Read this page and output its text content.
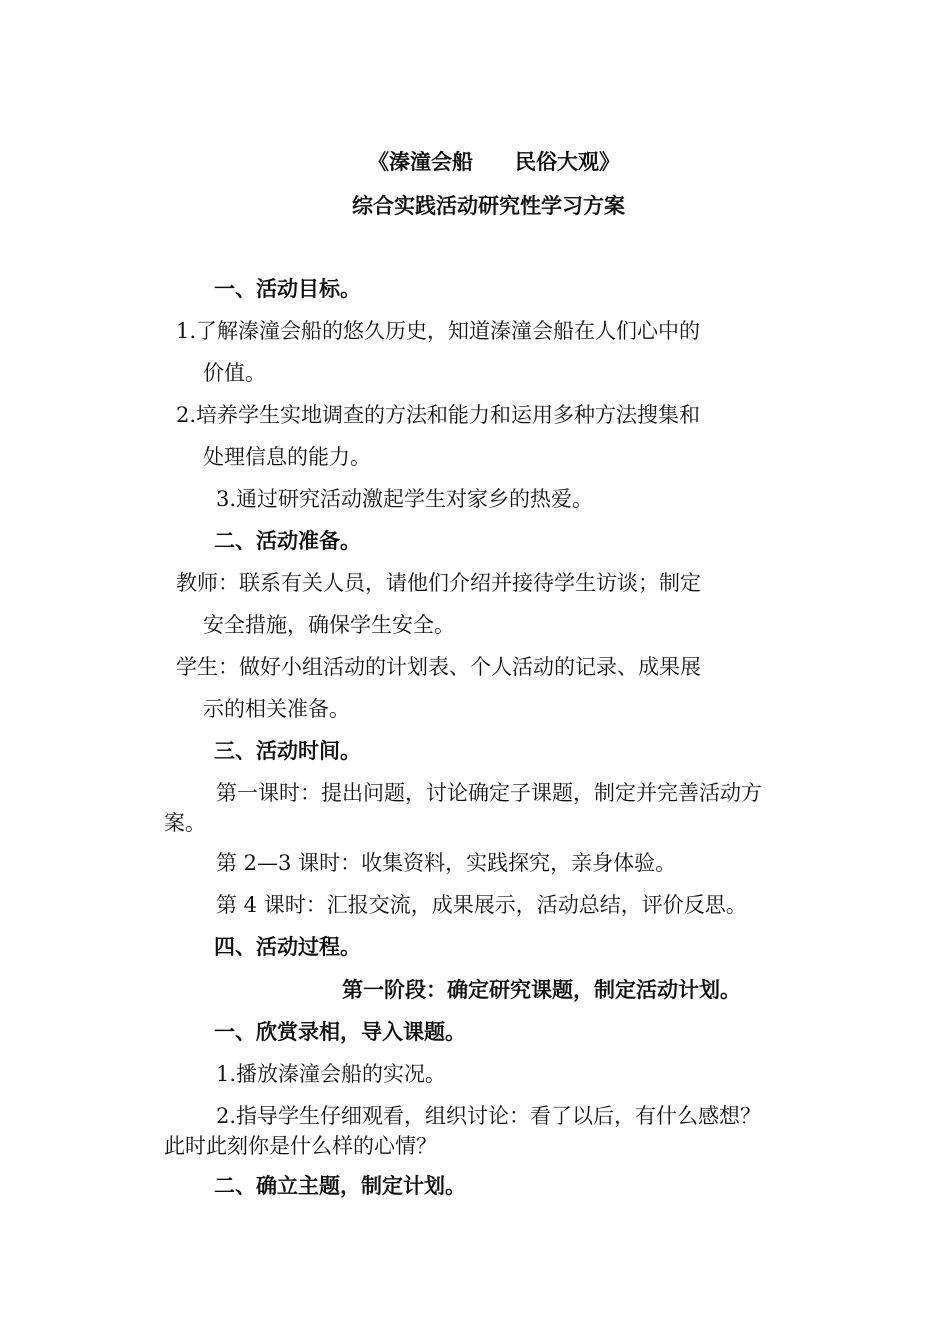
《溱潼会船　　民俗大观》
综合实践活动研究性学习方案
一、活动目标。
1.了解溱潼会船的悠久历史，知道溱潼会船在人们心中的
价值。
2.培养学生实地调查的方法和能力和运用多种方法搜集和
处理信息的能力。
3.通过研究活动激起学生对家乡的热爱。
二、活动准备。
教师：联系有关人员，请他们介绍并接待学生访谈；制定
安全措施，确保学生安全。
学生：做好小组活动的计划表、个人活动的记录、成果展
示的相关准备。
三、活动时间。
第一课时：提出问题，讨论确定子课题，制定并完善活动方
案。
第 2—3 课时：收集资料，实践探究，亲身体验。
第 4 课时：汇报交流，成果展示，活动总结，评价反思。
四、活动过程。
第一阶段：确定研究课题，制定活动计划。
一、欣赏录相，导入课题。
1.播放溱潼会船的实况。
2.指导学生仔细观看，组织讨论：看了以后，有什么感想？
此时此刻你是什么样的心情？
二、确立主题，制定计划。
